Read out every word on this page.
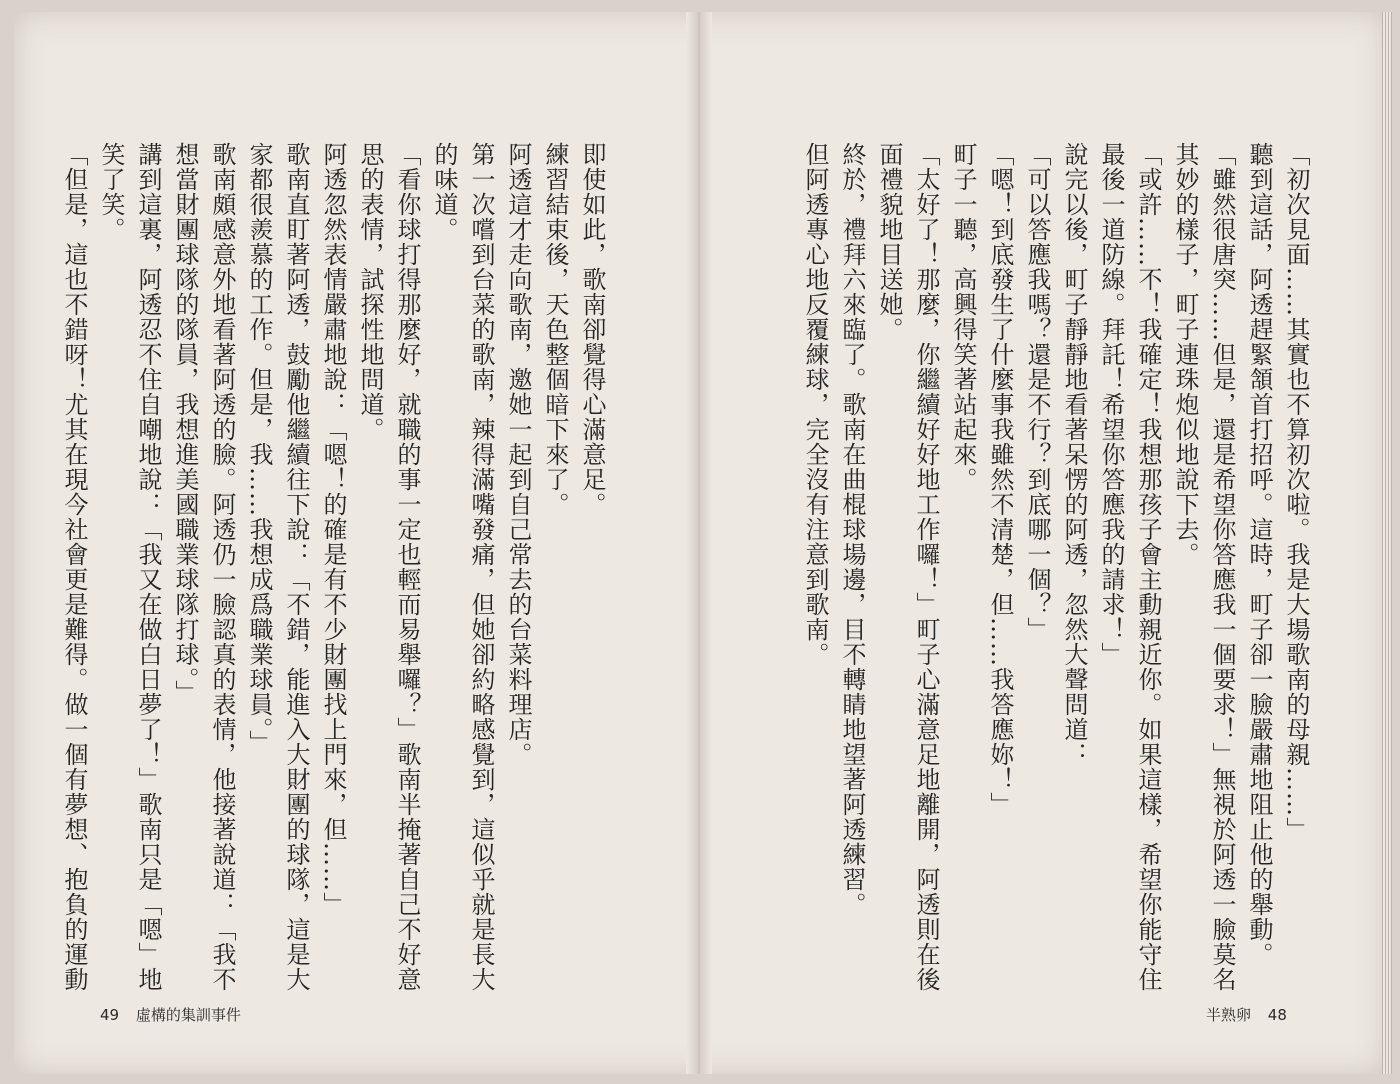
即使如此，歌南卻覺得心滿意足。

練習結束後，天色整個暗下來了。

阿透這才走向歌南，邀她一起到自己常去的台菜料理店。

第一次嚐到台菜的歌南，辣得滿嘴發痛，但她卻約略感覺到，這似乎就是長大

的味道。

「看你球打得那麼好，就職的事一定也輕而易舉囉？」歌南半掩著自己不好意

思的表情，試探性地問道。

阿透忽然表情嚴肅地說：「嗯！的確是有不少財團找上門來，但……」

歌南直盯著阿透，鼓勵他繼續往下說：「不錯，能進入大財團的球隊，這是大

家都很羨慕的工作。但是，我……我想成爲職業球員。」

歌南頗感意外地看著阿透的臉。阿透仍一臉認真的表情，他接著說道：「我不

想當財團球隊的隊員，我想進美國職業球隊打球。」

講到這裏，阿透忍不住自嘲地說：「我又在做白日夢了！」歌南只是「嗯」地

笑了笑。

「但是，這也不錯呀！尤其在現今社會更是難得。做一個有夢想、抱負的運動	「初次見面……其實也不算初次啦。我是大場歌南的母親……」

聽到這話，阿透趕緊頷首打招呼。這時，町子卻一臉嚴肅地阻止他的舉動。

「雖然很唐突……但是，還是希望你答應我一個要求！」無視於阿透一臉莫名

其妙的樣子，町子連珠炮似地說下去。

「或許……不！我確定！我想那孩子會主動親近你。如果這樣，希望你能守住

最後一道防線。拜託！希望你答應我的請求！」

說完以後，町子靜靜地看著呆愣的阿透，忽然大聲問道：

「可以答應我嗎？還是不行？到底哪一個？」

「嗯！到底發生了什麼事我雖然不清楚，但……我答應妳！」

町子一聽，高興得笑著站起來。

「太好了！那麼，你繼續好好地工作囉！」町子心滿意足地離開，阿透則在後

面禮貌地目送她。

終於，禮拜六來臨了。歌南在曲棍球場邊，目不轉睛地望著阿透練習。

但阿透專心地反覆練球，完全沒有注意到歌南。

49 虛構的集訓事件	半熟卵 48
